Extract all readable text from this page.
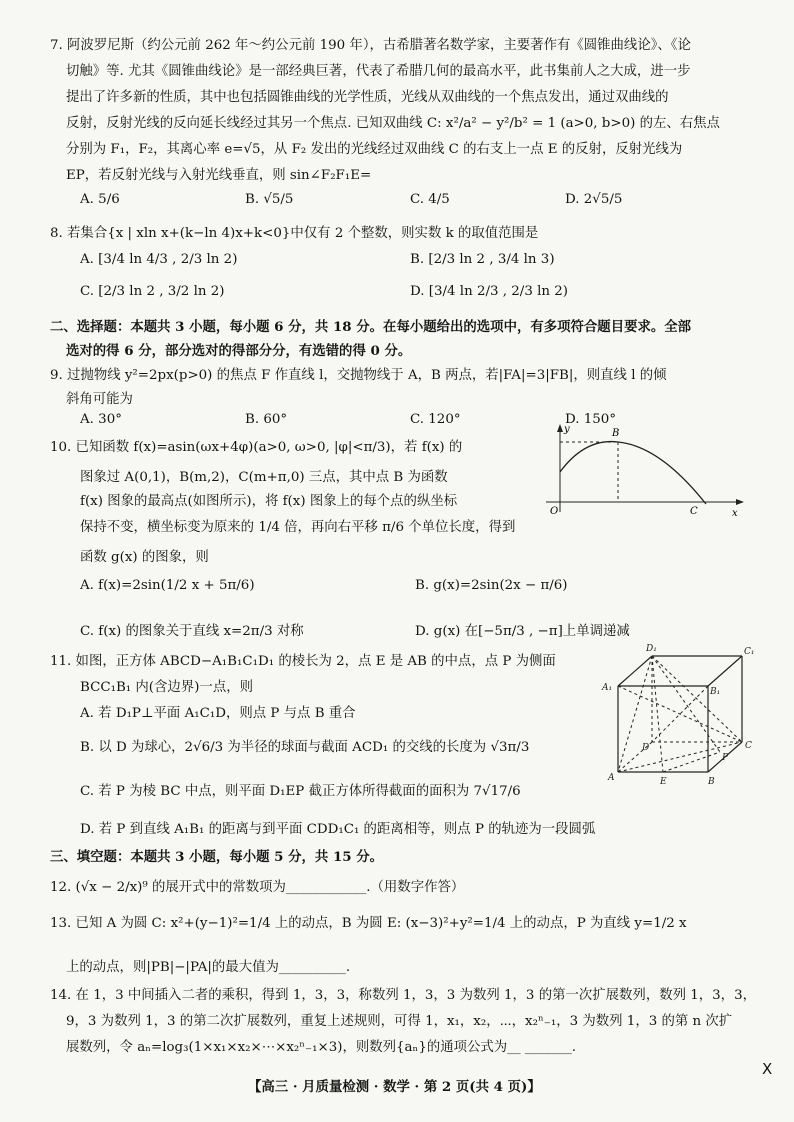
7. 阿波罗尼斯（约公元前 262 年～约公元前 190 年），古希腊著名数学家，主要著作有《圆锥曲线论》、《论
切触》等. 尤其《圆锥曲线论》是一部经典巨著，代表了希腊几何的最高水平，此书集前人之大成，进一步
提出了许多新的性质，其中也包括圆锥曲线的光学性质，光线从双曲线的一个焦点发出，通过双曲线的
反射，反射光线的反向延长线经过其另一个焦点. 已知双曲线 C: x²/a² − y²/b² = 1 (a>0, b>0) 的左、右焦点
分别为 F₁，F₂，其离心率 e=√5，从 F₂ 发出的光线经过双曲线 C 的右支上一点 E 的反射，反射光线为
EP，若反射光线与入射光线垂直，则 sin∠F₂F₁E=
A. 5/6	B. √5/5	C. 4/5	D. 2√5/5
8. 若集合{x | xln x+(k−ln 4)x+k<0}中仅有 2 个整数，则实数 k 的取值范围是
A. [3/4 ln 4/3 , 2/3 ln 2)	B. [2/3 ln 2 , 3/4 ln 3)
C. [2/3 ln 2 , 3/2 ln 2)	D. [3/4 ln 2/3 , 2/3 ln 2)
二、选择题：本题共 3 小题，每小题 6 分，共 18 分。在每小题给出的选项中，有多项符合题目要求。全部
选对的得 6 分，部分选对的得部分分，有选错的得 0 分。
9. 过抛物线 y²=2px(p>0) 的焦点 F 作直线 l，交抛物线于 A，B 两点，若|FA|=3|FB|，则直线 l 的倾
斜角可能为
A. 30°	B. 60°	C. 120°	D. 150°
10. 已知函数 f(x)=asin(ωx+4φ)(a>0, ω>0, |φ|<π/3)，若 f(x) 的
图象过 A(0,1)，B(m,2)，C(m+π,0) 三点，其中点 B 为函数
f(x) 图象的最高点(如图所示)，将 f(x) 图象上的每个点的纵坐标
保持不变，横坐标变为原来的 1/4 倍，再向右平移 π/6 个单位长度，得到
函数 g(x) 的图象，则
A. f(x)=2sin(1/2 x + 5π/6)	B. g(x)=2sin(2x − π/6)
C. f(x) 的图象关于直线 x=2π/3 对称	D. g(x) 在[−5π/3 , −π]上单调递减
y	B
C	x
O
11. 如图，正方体 ABCD−A₁B₁C₁D₁ 的棱长为 2，点 E 是 AB 的中点，点 P 为侧面
BCC₁B₁ 内(含边界)一点，则
A. 若 D₁P⊥平面 A₁C₁D，则点 P 与点 B 重合
B. 以 D 为球心，2√6/3 为半径的球面与截面 ACD₁ 的交线的长度为 √3π/3
C. 若 P 为棱 BC 中点，则平面 D₁EP 截正方体所得截面的面积为 7√17/6
D. 若 P 到直线 A₁B₁ 的距离与到平面 CDD₁C₁ 的距离相等，则点 P 的轨迹为一段圆弧
D₁	C₁
A₁	B₁
D	C
A	E	B
P
三、填空题：本题共 3 小题，每小题 5 分，共 15 分。
12. (√x − 2/x)⁹ 的展开式中的常数项为____________.（用数字作答）
13. 已知 A 为圆 C: x²+(y−1)²=1/4 上的动点，B 为圆 E: (x−3)²+y²=1/4 上的动点，P 为直线 y=1/2 x
上的动点，则|PB|−|PA|的最大值为__________.
14. 在 1，3 中间插入二者的乘积，得到 1，3，3，称数列 1，3，3 为数列 1，3 的第一次扩展数列，数列 1，3，3，
9，3 为数列 1，3 的第二次扩展数列，重复上述规则，可得 1，x₁，x₂，⋯，x₂ⁿ₋₁，3 为数列 1，3 的第 n 次扩
展数列，令 aₙ=log₃(1×x₁×x₂×⋯×x₂ⁿ₋₁×3)，则数列{aₙ}的通项公式为__ _______.
【高三 · 月质量检测 · 数学 · 第 2 页(共 4 页)】
X
